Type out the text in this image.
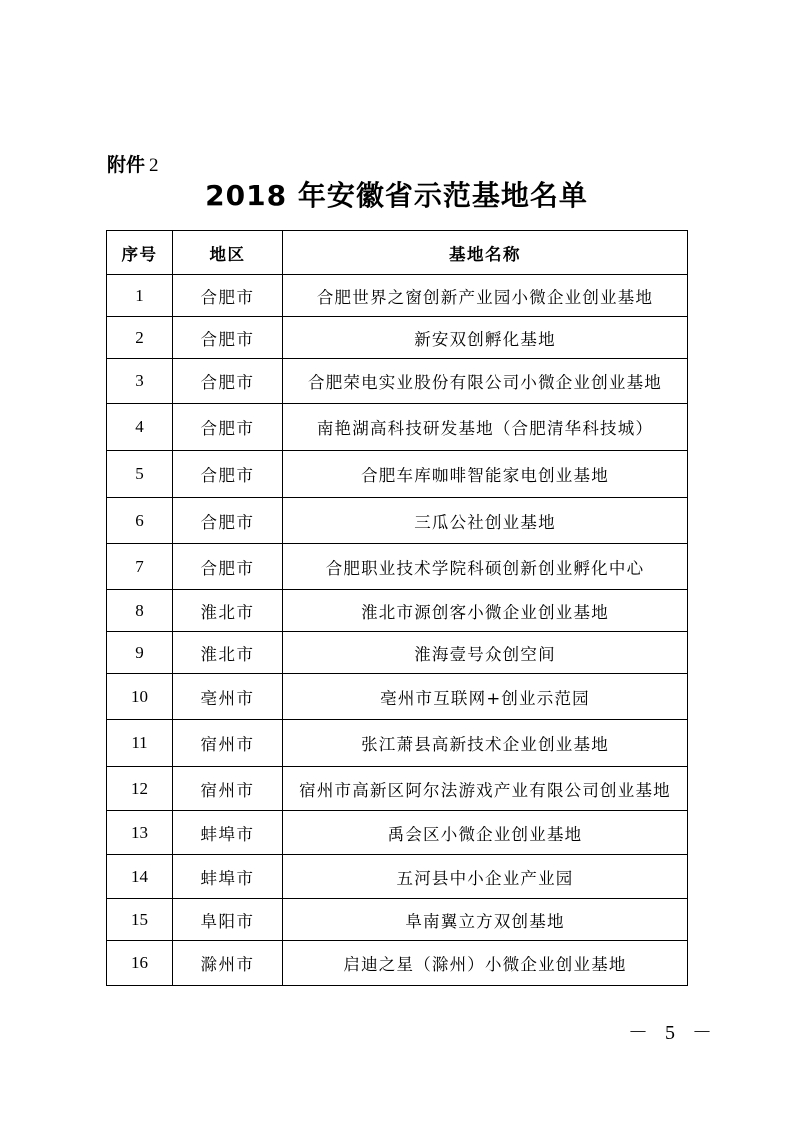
附件 2
2018 年安徽省示范基地名单
序号	地区	基地名称
1	合肥市	合肥世界之窗创新产业园小微企业创业基地
2	合肥市	新安双创孵化基地
3	合肥市	合肥荣电实业股份有限公司小微企业创业基地
4	合肥市	南艳湖高科技研发基地（合肥清华科技城）
5	合肥市	合肥车库咖啡智能家电创业基地
6	合肥市	三瓜公社创业基地
7	合肥市	合肥职业技术学院科硕创新创业孵化中心
8	淮北市	淮北市源创客小微企业创业基地
9	淮北市	淮海壹号众创空间
10	亳州市	亳州市互联网+创业示范园
11	宿州市	张江萧县高新技术企业创业基地
12	宿州市	宿州市高新区阿尔法游戏产业有限公司创业基地
13	蚌埠市	禹会区小微企业创业基地
14	蚌埠市	五河县中小企业产业园
15	阜阳市	阜南翼立方双创基地
16	滁州市	启迪之星（滁州）小微企业创业基地
－ 5 －
